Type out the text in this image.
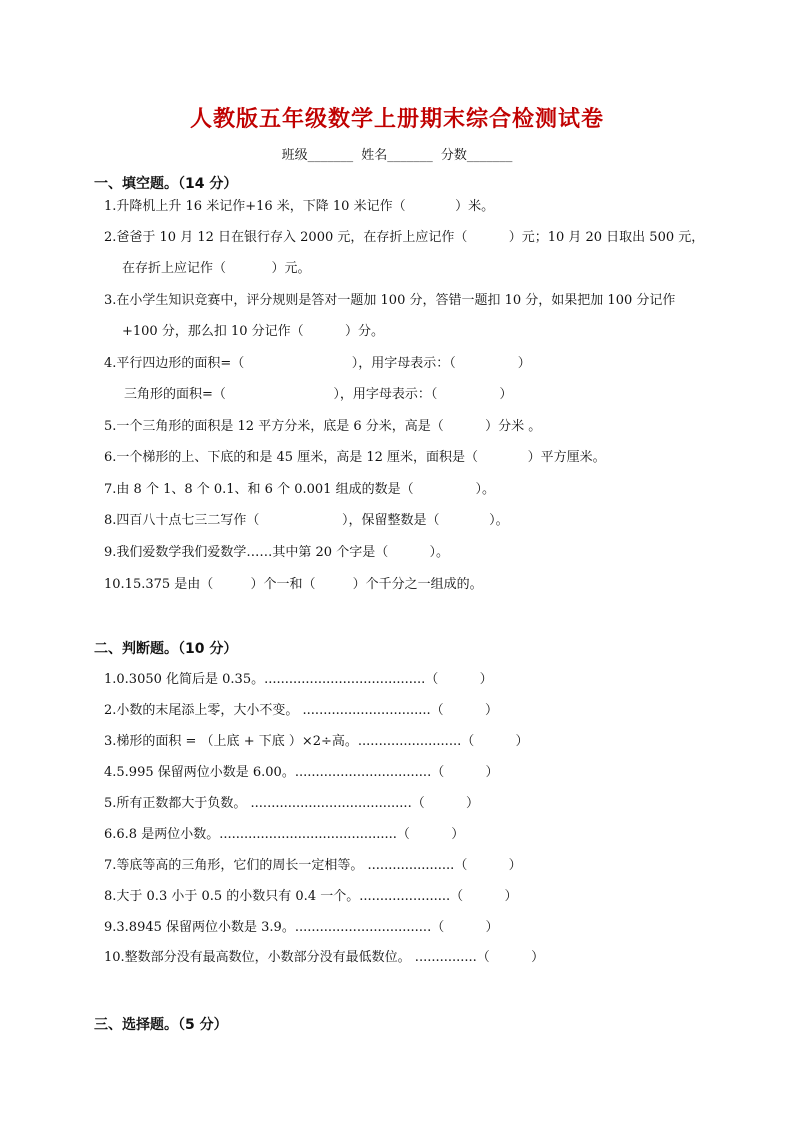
人教版五年级数学上册期末综合检测试卷
班级_______ 姓名_______ 分数_______
一、填空题。（14 分）
1.升降机上升 16 米记作+16 米，下降 10 米记作（            ）米。
2.爸爸于 10 月 12 日在银行存入 2000 元，在存折上应记作（          ）元；10 月 20 日取出 500 元，
在存折上应记作（           ）元。
3.在小学生知识竞赛中，评分规则是答对一题加 100 分，答错一题扣 10 分，如果把加 100 分记作
+100 分，那么扣 10 分记作（          ）分。
4.平行四边形的面积=（                          ），用字母表示：（               ）
三角形的面积=（                          ），用字母表示：（               ）
5.一个三角形的面积是 12 平方分米，底是 6 分米，高是（          ）分米 。
6.一个梯形的上、下底的和是 45 厘米，高是 12 厘米，面积是（            ）平方厘米。
7.由 8 个 1、8 个 0.1、和 6 个 0.001 组成的数是（               ）。
8.四百八十点七三二写作（                    ），保留整数是（            ）。
9.我们爱数学我们爱数学……其中第 20 个字是（          ）。
10.15.375 是由（         ）个一和（         ）个千分之一组成的。
二、判断题。（10 分）
1.0.3050 化简后是 0.35。.......................................（          ）
2.小数的末尾添上零，大小不变。 ...............................（          ）
3.梯形的面积 = （上底 + 下底 ）×2÷高。.........................（          ）
4.5.995 保留两位小数是 6.00。.................................（          ）
5.所有正数都大于负数。 .......................................（          ）
6.6.8 是两位小数。...........................................（          ）
7.等底等高的三角形，它们的周长一定相等。 .....................（          ）
8.大于 0.3 小于 0.5 的小数只有 0.4 一个。......................（          ）
9.3.8945 保留两位小数是 3.9。.................................（          ）
10.整数部分没有最高数位，小数部分没有最低数位。 ...............（          ）
三、选择题。（5 分）
